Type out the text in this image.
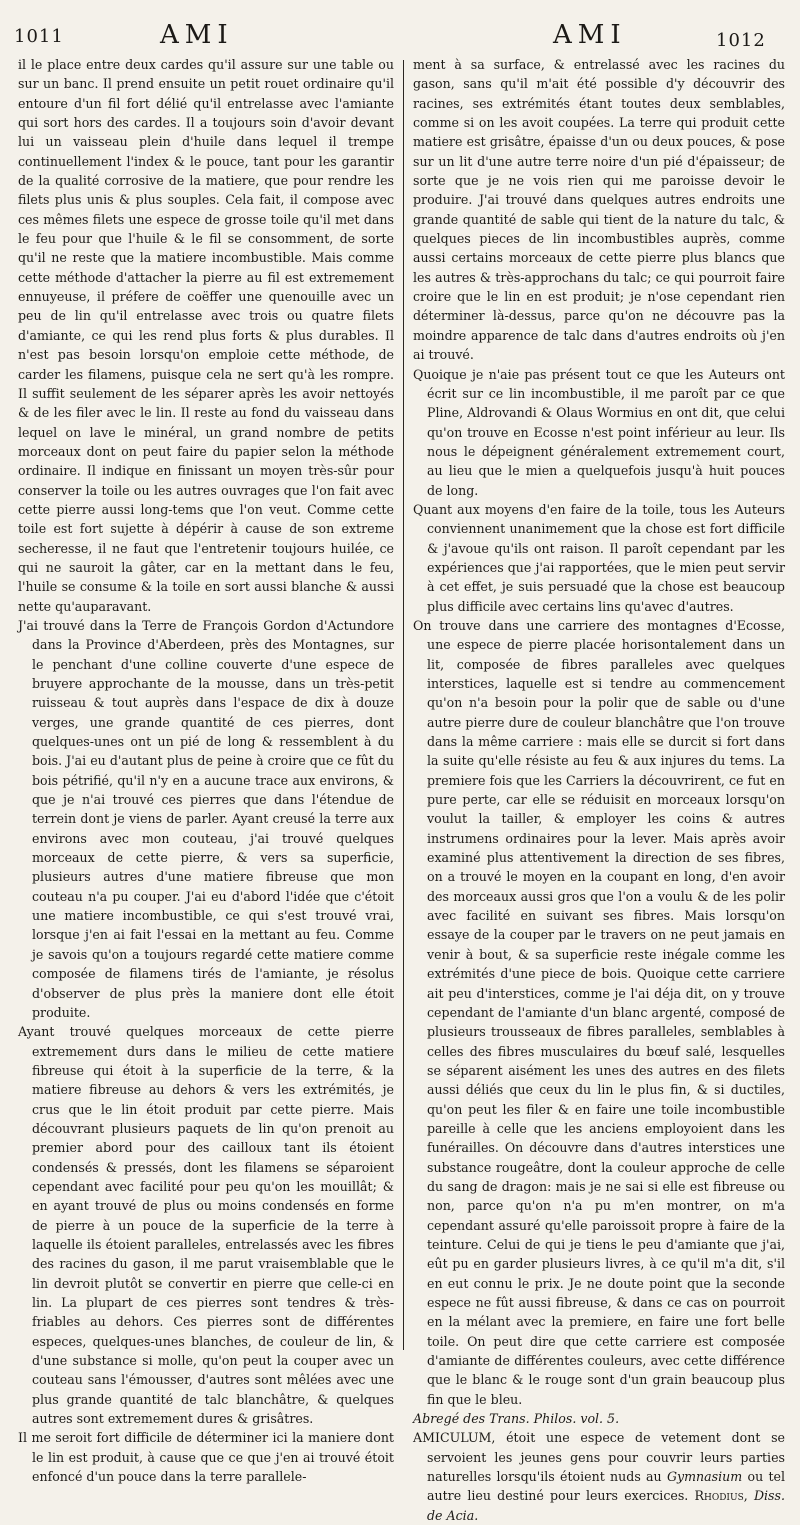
1011	AMI	AMI	1012

il le place entre deux cardes qu'il assure sur une table ou sur un banc. Il prend ensuite un petit rouet ordinaire qu'il entoure d'un fil fort délié qu'il entrelasse avec l'amiante qui sort hors des cardes. Il a toujours soin d'avoir devant lui un vaisseau plein d'huile dans lequel il trempe continuellement l'index & le pouce, tant pour les garantir de la qualité corrosive de la matiere, que pour rendre les filets plus unis & plus souples. Cela fait, il compose avec ces mêmes filets une espece de grosse toile qu'il met dans le feu pour que l'huile & le fil se consomment, de sorte qu'il ne reste que la matiere incombustible. Mais comme cette méthode d'attacher la pierre au fil est extremement ennuyeuse, il préfere de coëffer une quenouille avec un peu de lin qu'il entrelasse avec trois ou quatre filets d'amiante, ce qui les rend plus forts & plus durables. Il n'est pas besoin lorsqu'on emploie cette méthode, de carder les filamens, puisque cela ne sert qu'à les rompre. Il suffit seulement de les séparer après les avoir nettoyés & de les filer avec le lin. Il reste au fond du vaisseau dans lequel on lave le minéral, un grand nombre de petits morceaux dont on peut faire du papier selon la méthode ordinaire. Il indique en finissant un moyen très-sûr pour conserver la toile ou les autres ouvrages que l'on fait avec cette pierre aussi long-tems que l'on veut. Comme cette toile est fort sujette à dépérir à cause de son extreme secheresse, il ne faut que l'entretenir toujours huilée, ce qui ne sauroit la gâter, car en la mettant dans le feu, l'huile se consume & la toile en sort aussi blanche & aussi nette qu'auparavant.

J'ai trouvé dans la Terre de François Gordon d'Actundore dans la Province d'Aberdeen, près des Montagnes, sur le penchant d'une colline couverte d'une espece de bruyere approchante de la mousse, dans un très-petit ruisseau & tout auprès dans l'espace de dix à douze verges, une grande quantité de ces pierres, dont quelques-unes ont un pié de long & ressemblent à du bois. J'ai eu d'autant plus de peine à croire que ce fût du bois pétrifié, qu'il n'y en a aucune trace aux environs, & que je n'ai trouvé ces pierres que dans l'étendue de terrein dont je viens de parler. Ayant creusé la terre aux environs avec mon couteau, j'ai trouvé quelques morceaux de cette pierre, & vers sa superficie, plusieurs autres d'une matiere fibreuse que mon couteau n'a pu couper. J'ai eu d'abord l'idée que c'étoit une matiere incombustible, ce qui s'est trouvé vrai, lorsque j'en ai fait l'essai en la mettant au feu. Comme je savois qu'on a toujours regardé cette matiere comme composée de filamens tirés de l'amiante, je résolus d'observer de plus près la maniere dont elle étoit produite.

Ayant trouvé quelques morceaux de cette pierre extremement durs dans le milieu de cette matiere fibreuse qui étoit à la superficie de la terre, & la matiere fibreuse au dehors & vers les extrémités, je crus que le lin étoit produit par cette pierre. Mais découvrant plusieurs paquets de lin qu'on prenoit au premier abord pour des cailloux tant ils étoient condensés & pressés, dont les filamens se séparoient cependant avec facilité pour peu qu'on les mouillât; & en ayant trouvé de plus ou moins condensés en forme de pierre à un pouce de la superficie de la terre à laquelle ils étoient paralleles, entrelassés avec les fibres des racines du gason, il me parut vraisemblable que le lin devroit plutôt se convertir en pierre que celle-ci en lin. La plupart de ces pierres sont tendres & très-friables au dehors. Ces pierres sont de différentes especes, quelques-unes blanches, de couleur de lin, & d'une substance si molle, qu'on peut la couper avec un couteau sans l'émousser, d'autres sont mêlées avec une plus grande quantité de talc blanchâtre, & quelques autres sont extremement dures & grisâtres.

Il me seroit fort difficile de déterminer ici la maniere dont le lin est produit, à cause que ce que j'en ai trouvé étoit enfoncé d'un pouce dans la terre parallele-

ment à sa surface, & entrelassé avec les racines du gason, sans qu'il m'ait été possible d'y découvrir des racines, ses extrémités étant toutes deux semblables, comme si on les avoit coupées. La terre qui produit cette matiere est grisâtre, épaisse d'un ou deux pouces, & pose sur un lit d'une autre terre noire d'un pié d'épaisseur; de sorte que je ne vois rien qui me paroisse devoir le produire. J'ai trouvé dans quelques autres endroits une grande quantité de sable qui tient de la nature du talc, & quelques pieces de lin incombustibles auprès, comme aussi certains morceaux de cette pierre plus blancs que les autres & très-approchans du talc; ce qui pourroit faire croire que le lin en est produit; je n'ose cependant rien déterminer là-dessus, parce qu'on ne découvre pas la moindre apparence de talc dans d'autres endroits où j'en ai trouvé.

Quoique je n'aie pas présent tout ce que les Auteurs ont écrit sur ce lin incombustible, il me paroît par ce que Pline, Aldrovandi & Olaus Wormius en ont dit, que celui qu'on trouve en Ecosse n'est point inférieur au leur. Ils nous le dépeignent généralement extremement court, au lieu que le mien a quelquefois jusqu'à huit pouces de long.

Quant aux moyens d'en faire de la toile, tous les Auteurs conviennent unanimement que la chose est fort difficile & j'avoue qu'ils ont raison. Il paroît cependant par les expériences que j'ai rapportées, que le mien peut servir à cet effet, je suis persuadé que la chose est beaucoup plus difficile avec certains lins qu'avec d'autres.

On trouve dans une carriere des montagnes d'Ecosse, une espece de pierre placée horisontalement dans un lit, composée de fibres paralleles avec quelques interstices, laquelle est si tendre au commencement qu'on n'a besoin pour la polir que de sable ou d'une autre pierre dure de couleur blanchâtre que l'on trouve dans la même carriere : mais elle se durcit si fort dans la suite qu'elle résiste au feu & aux injures du tems. La premiere fois que les Carriers la découvrirent, ce fut en pure perte, car elle se réduisit en morceaux lorsqu'on voulut la tailler, & employer les coins & autres instrumens ordinaires pour la lever. Mais après avoir examiné plus attentivement la direction de ses fibres, on a trouvé le moyen en la coupant en long, d'en avoir des morceaux aussi gros que l'on a voulu & de les polir avec facilité en suivant ses fibres. Mais lorsqu'on essaye de la couper par le travers on ne peut jamais en venir à bout, & sa superficie reste inégale comme les extrémités d'une piece de bois. Quoique cette carriere ait peu d'interstices, comme je l'ai déja dit, on y trouve cependant de l'amiante d'un blanc argenté, composé de plusieurs trousseaux de fibres paralleles, semblables à celles des fibres musculaires du bœuf salé, lesquelles se séparent aisément les unes des autres en des filets aussi déliés que ceux du lin le plus fin, & si ductiles, qu'on peut les filer & en faire une toile incombustible pareille à celle que les anciens employoient dans les funérailles. On découvre dans d'autres interstices une substance rougeâtre, dont la couleur approche de celle du sang de dragon: mais je ne sai si elle est fibreuse ou non, parce qu'on n'a pu m'en montrer, on m'a cependant assuré qu'elle paroissoit propre à faire de la teinture. Celui de qui je tiens le peu d'amiante que j'ai, eût pu en garder plusieurs livres, à ce qu'il m'a dit, s'il en eut connu le prix. Je ne doute point que la seconde espece ne fût aussi fibreuse, & dans ce cas on pourroit en la mélant avec la premiere, en faire une fort belle toile. On peut dire que cette carriere est composée d'amiante de différentes couleurs, avec cette différence que le blanc & le rouge sont d'un grain beaucoup plus fin que le bleu.

Abregé des Trans. Philos. vol. 5.

AMICULUM, étoit une espece de vetement dont se servoient les jeunes gens pour couvrir leurs parties naturelles lorsqu'ils étoient nuds au Gymnasium ou tel autre lieu destiné pour leurs exercices. Rhodius, Diss. de Acia.
